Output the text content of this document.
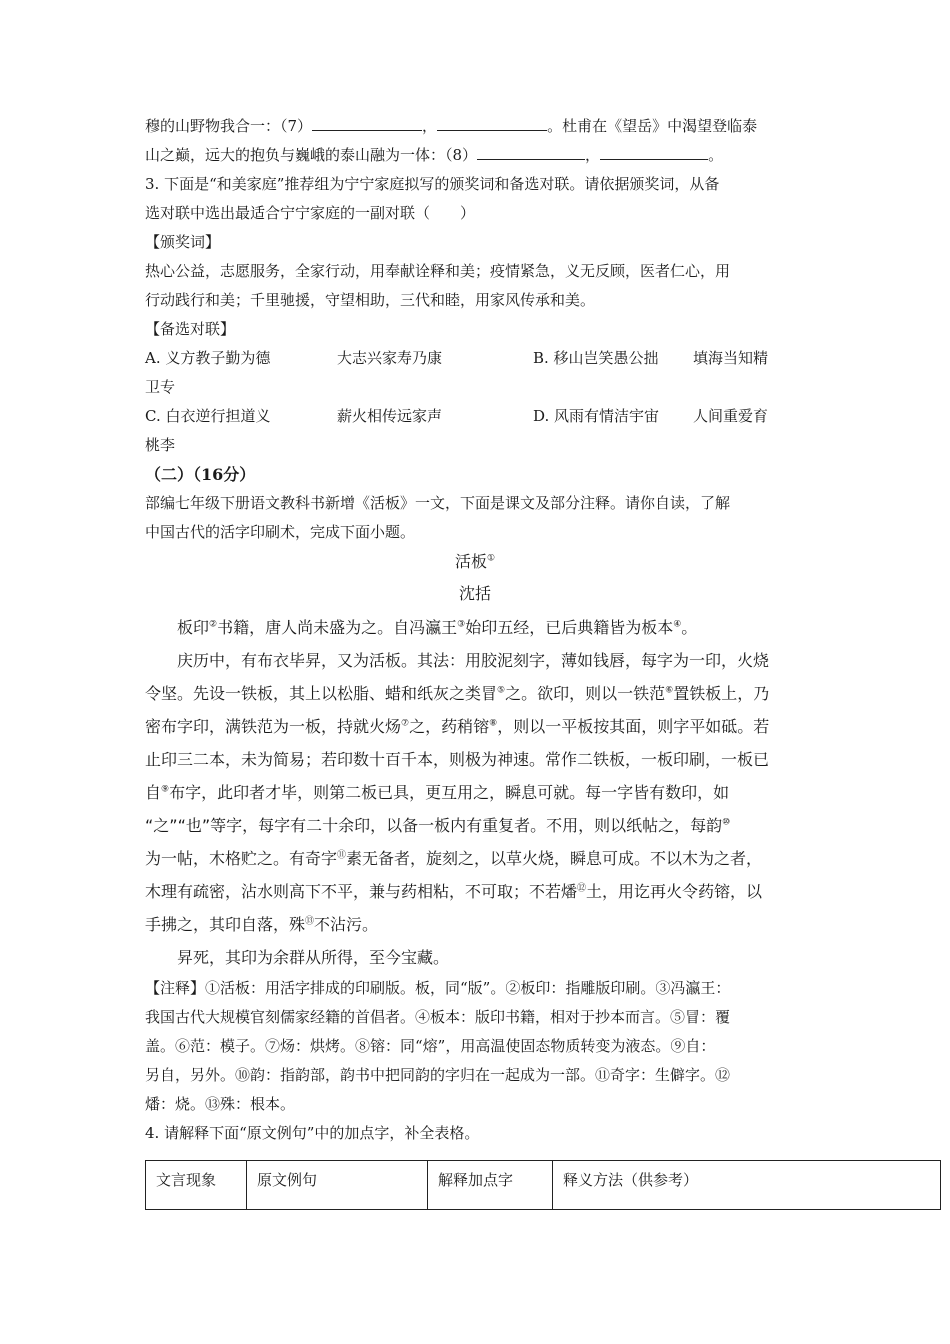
穆的山野物我合一：（7）	，	。杜甫在《望岳》中渴望登临泰
山之巅，远大的抱负与巍峨的泰山融为一体：（8）	，	。
3. 下面是“和美家庭”推荐组为宁宁家庭拟写的颁奖词和备选对联。请依据颁奖词，从备
选对联中选出最适合宁宁家庭的一副对联（　　）
【颁奖词】
热心公益，志愿服务，全家行动，用奉献诠释和美；疫情紧急，义无反顾，医者仁心，用
行动践行和美；千里驰援，守望相助，三代和睦，用家风传承和美。
【备选对联】
A. 义方教子勤为德	大志兴家寿乃康	B. 移山岂笑愚公拙	填海当知精
卫专
C. 白衣逆行担道义	薪火相传远家声	D. 风雨有情洁宇宙	人间重爱育
桃李
（二）（16分）
部编七年级下册语文教科书新增《活板》一文，下面是课文及部分注释。请你自读，了解
中国古代的活字印刷术，完成下面小题。
活板①
沈括
板印②书籍，唐人尚未盛为之。自冯瀛王③始印五经，已后典籍皆为板本④。
庆历中，有布衣毕昇，又为活板。其法：用胶泥刻字，薄如钱唇，每字为一印，火烧
令坚。先设一铁板，其上以松脂、蜡和纸灰之类冒⑤之。欲印，则以一铁范⑥置铁板上，乃
密布字印，满铁范为一板，持就火炀⑦之，药稍镕⑧，则以一平板按其面，则字平如砥。若
止印三二本，未为简易；若印数十百千本，则极为神速。常作二铁板，一板印刷，一板已
自⑨布字，此印者才毕，则第二板已具，更互用之，瞬息可就。每一字皆有数印，如
“之”“也”等字，每字有二十余印，以备一板内有重复者。不用，则以纸帖之，每韵⑩
为一帖，木格贮之。有奇字⑪素无备者，旋刻之，以草火烧，瞬息可成。不以木为之者，
木理有疏密，沾水则高下不平，兼与药相粘，不可取；不若燔⑫土，用讫再火令药镕，以
手拂之，其印自落，殊⑬不沾污。
昇死，其印为余群从所得，至今宝藏。
【注释】①活板：用活字排成的印刷版。板，同“版”。②板印：指雕版印刷。③冯瀛王：
我国古代大规模官刻儒家经籍的首倡者。④板本：版印书籍，相对于抄本而言。⑤冒：覆
盖。⑥范：模子。⑦炀：烘烤。⑧镕：同“熔”，用高温使固态物质转变为液态。⑨自：
另自，另外。⑩韵：指韵部，韵书中把同韵的字归在一起成为一部。⑪奇字：生僻字。⑫
燔：烧。⑬殊：根本。
4. 请解释下面“原文例句”中的加点字，补全表格。
文言现象	原文例句	解释加点字	释义方法（供参考）
